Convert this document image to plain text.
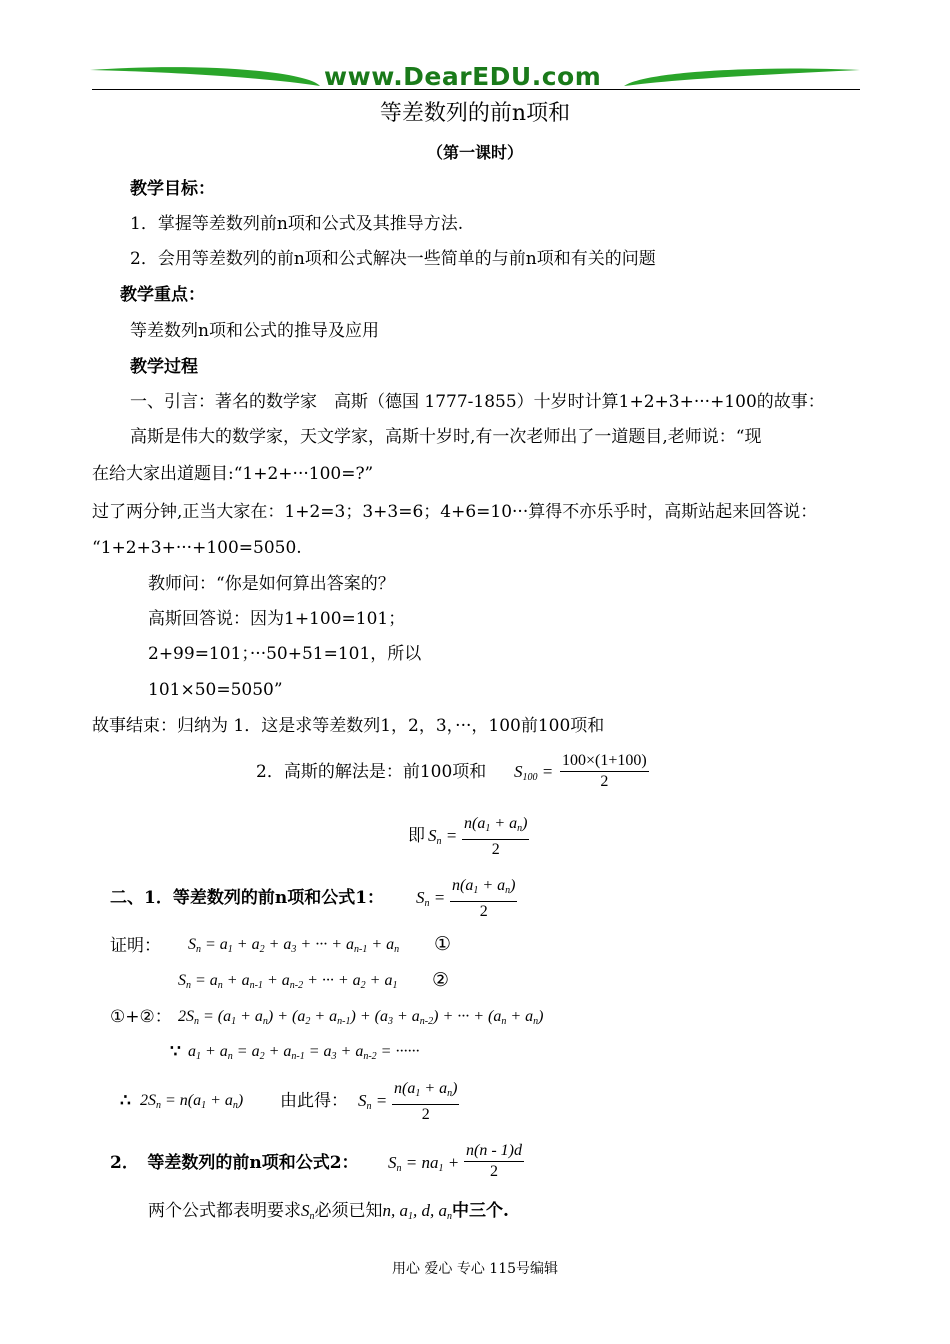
www.DearEDU.com
等差数列的前n项和
（第一课时）
教学目标：
1．掌握等差数列前n项和公式及其推导方法.
2．会用等差数列的前n项和公式解决一些简单的与前n项和有关的问题
教学重点：
等差数列n项和公式的推导及应用
教学过程
一、引言：著名的数学家　高斯（德国 1777-1855）十岁时计算1+2+3+···+100的故事：
高斯是伟大的数学家，天文学家，高斯十岁时,有一次老师出了一道题目,老师说：“现
在给大家出道题目:“1+2+···100=?”
过了两分钟,正当大家在：1+2=3；3+3=6；4+6=10···算得不亦乐乎时，高斯站起来回答说：
“1+2+3+···+100=5050.
教师问：“你是如何算出答案的？
高斯回答说：因为1+100=101；
2+99=101；···50+51=101，所以
101×50=5050”
故事结束：归纳为 1．这是求等差数列1，2，3，···，100前100项和
2．高斯的解法是：前100项和 $S_{100}$ =
100×(1+100)
2
即 $S_n$ =
$n(a_1 + a_n)$
2
二、1．等差数列的前n项和公式1： $S_n$ =
$n(a_1 + a_n)$
2
证明： $S_n = a_1 + a_2 + a_3$ + ··· + $a_{n-1} + a_n$ ①
$S_n = a_n + a_{n-1} + a_{n-2}$ + ··· + $a_2 + a_1$ ②
①+②： $2S_n = (a_1 + a_n) + (a_2 + a_{n-1}) + (a_3 + a_{n-2})$ + ··· + $(a_n + a_n)$
∵ $a_1 + a_n = a_2 + a_{n-1} = a_3 + a_{n-2}$ = ······
∴ $2S_n = n(a_1 + a_n)$ 由此得： $S_n$ =
$n(a_1 + a_n)$
2
2．　等差数列的前n项和公式2： $S_n = na_1$ +
n(n - 1)d
2
两个公式都表明要求$S_n$必须已知n, $a_1$, d, $a_n$中三个.
用心 爱心 专心 115号编辑
